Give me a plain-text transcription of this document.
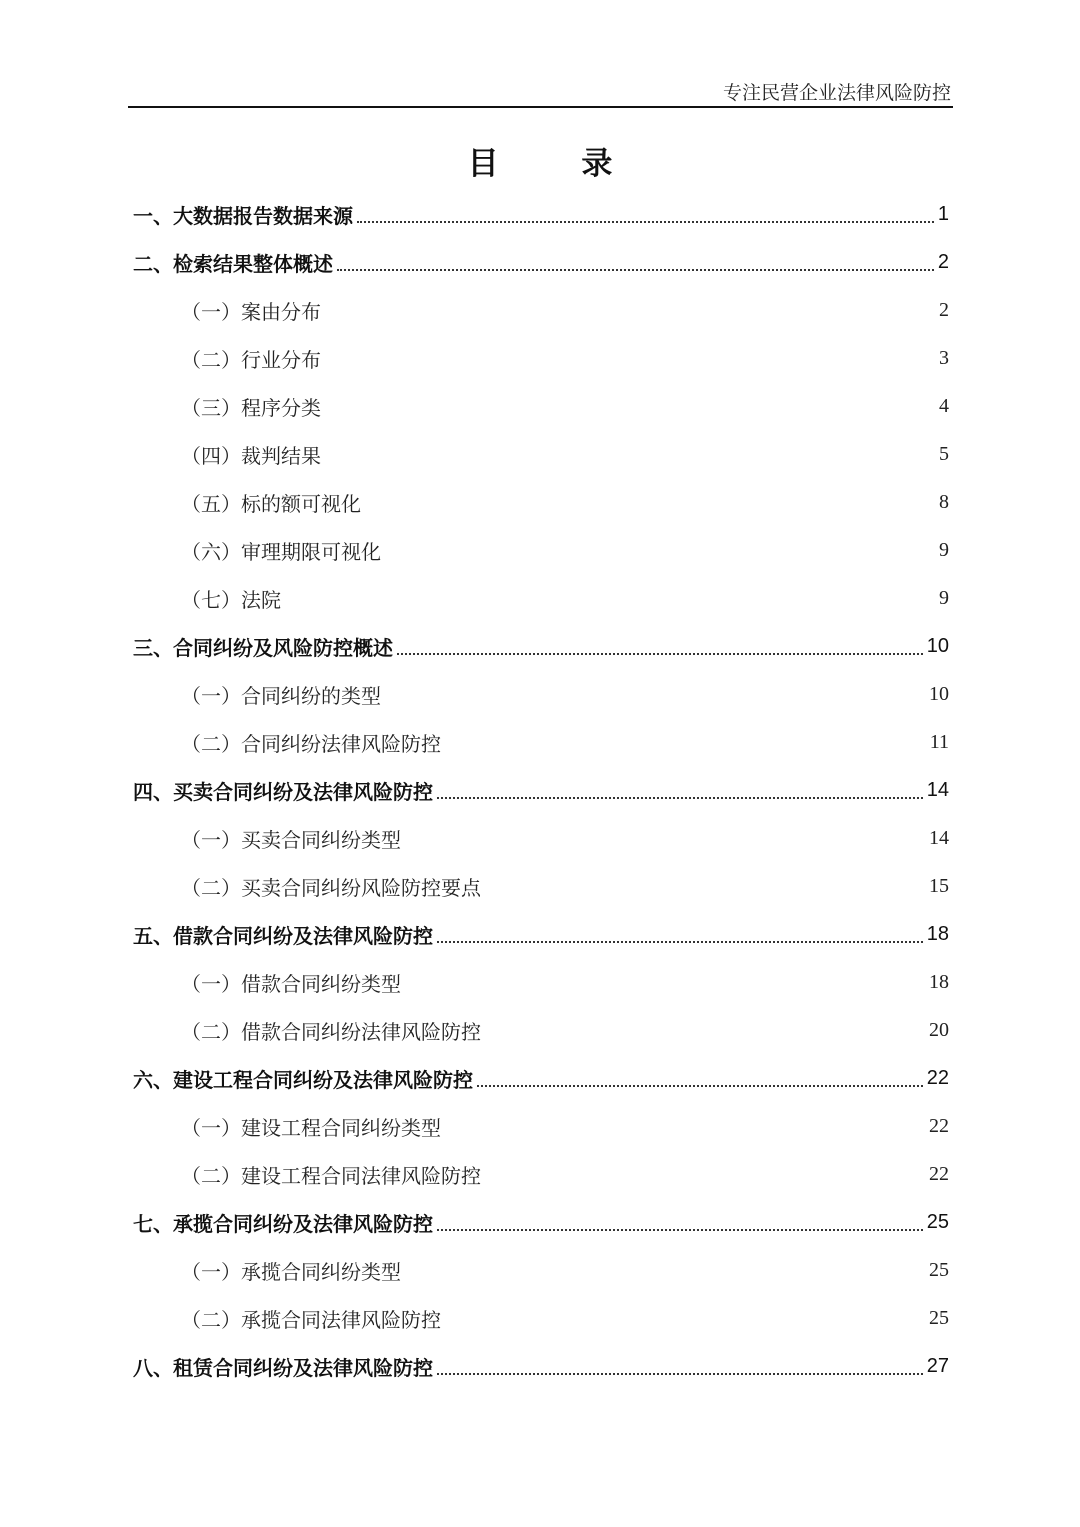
专注民营企业法律风险防控
目 录
一、大数据报告数据来源	1
二、检索结果整体概述	2
（一）案由分布	2
（二）行业分布	3
（三）程序分类	4
（四）裁判结果	5
（五）标的额可视化	8
（六）审理期限可视化	9
（七）法院	9
三、合同纠纷及风险防控概述	10
（一）合同纠纷的类型	10
（二）合同纠纷法律风险防控	11
四、买卖合同纠纷及法律风险防控	14
（一）买卖合同纠纷类型	14
（二）买卖合同纠纷风险防控要点	15
五、借款合同纠纷及法律风险防控	18
（一）借款合同纠纷类型	18
（二）借款合同纠纷法律风险防控	20
六、建设工程合同纠纷及法律风险防控	22
（一）建设工程合同纠纷类型	22
（二）建设工程合同法律风险防控	22
七、承揽合同纠纷及法律风险防控	25
（一）承揽合同纠纷类型	25
（二）承揽合同法律风险防控	25
八、租赁合同纠纷及法律风险防控	27
